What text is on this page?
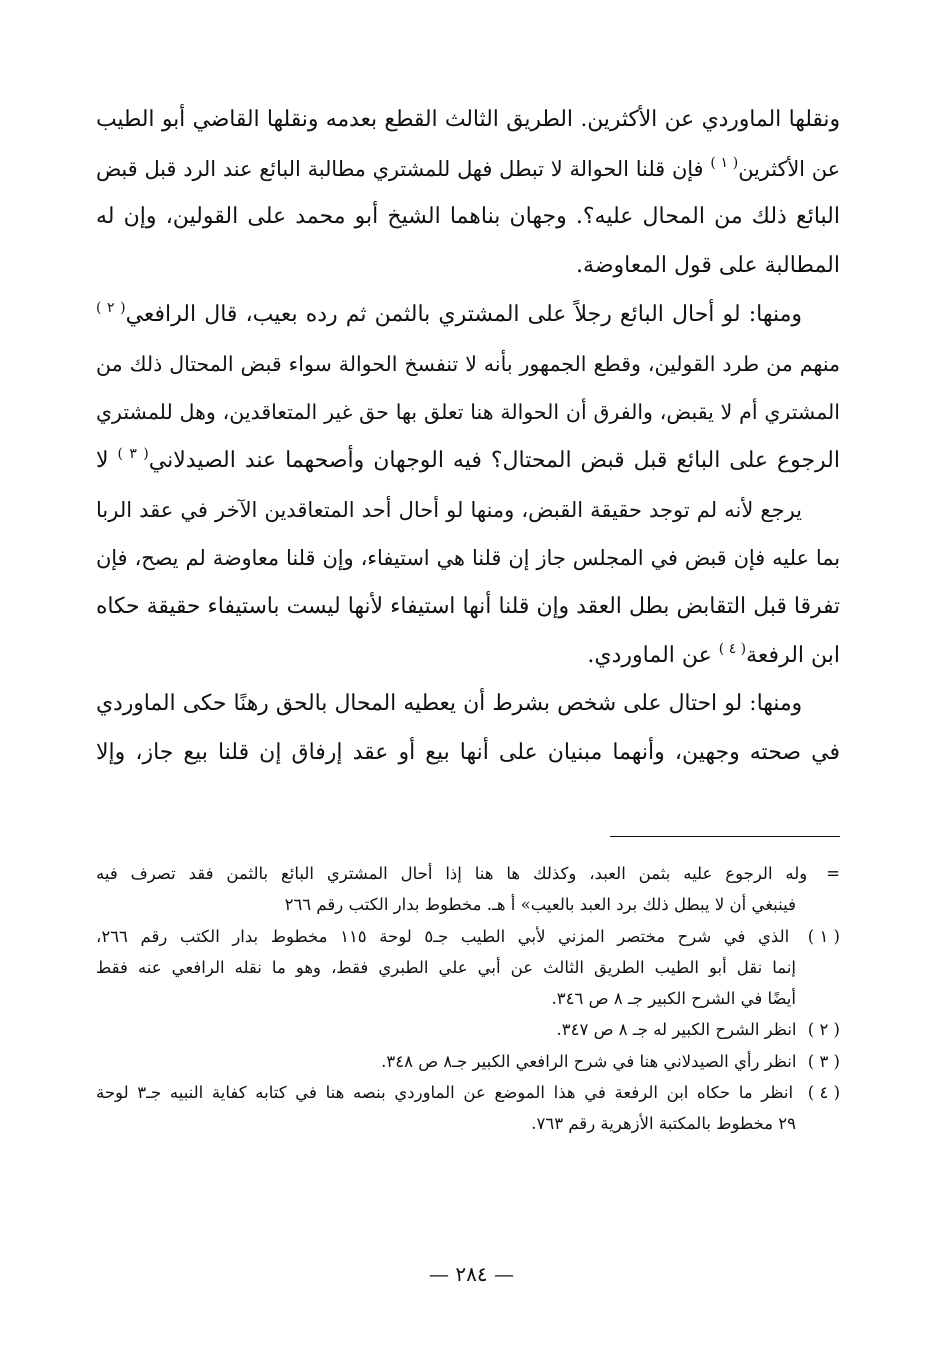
ونقلها الماوردي عن الأكثرين. الطريق الثالث القطع بعدمه ونقلها القاضي أبو الطيب
عن الأكثرين$^{( ١ )}$ فإن قلنا الحوالة لا تبطل فهل للمشتري مطالبة البائع عند الرد قبل قبض
البائع ذلك من المحال عليه؟. وجهان بناهما الشيخ أبو محمد على القولين، وإن له
المطالبة على قول المعاوضة.

ومنها: لو أحال البائع رجلاً على المشتري بالثمن ثم رده بعيب، قال الرافعي$^{( ٢ )}$
منهم من طرد القولين، وقطع الجمهور بأنه لا تنفسخ الحوالة سواء قبض المحتال ذلك من
المشتري أم لا يقبض، والفرق أن الحوالة هنا تعلق بها حق غير المتعاقدين، وهل للمشتري
الرجوع على البائع قبل قبض المحتال؟ فيه الوجهان وأصحهما عند الصيدلاني$^{( ٣ )}$ لا
يرجع لأنه لم توجد حقيقة القبض، ومنها لو أحال أحد المتعاقدين الآخر في عقد الربا
بما عليه فإن قبض في المجلس جاز إن قلنا هي استيفاء، وإن قلنا معاوضة لم يصح، فإن
تفرقا قبل التقابض بطل العقد وإن قلنا أنها استيفاء لأنها ليست باستيفاء حقيقة حكاه
ابن الرفعة$^{( ٤ )}$ عن الماوردي.

ومنها: لو احتال على شخص بشرط أن يعطيه المحال بالحق رهنًا حكى الماوردي
في صحته وجهين، وأنهما مبنيان على أنها بيع أو عقد إرفاق إن قلنا بيع جاز، وإلا

= وله الرجوع عليه بثمن العبد، وكذلك ها هنا إذا أحال المشتري البائع بالثمن فقد تصرف فيه
فينبغي أن لا يبطل ذلك برد العبد بالعيب» أ هـ. مخطوط بدار الكتب رقم ٢٦٦
( ١ ) الذي في شرح مختصر المزني لأبي الطيب جـ٥ لوحة ١١٥ مخطوط بدار الكتب رقم ٢٦٦،
إنما نقل أبو الطيب الطريق الثالث عن أبي علي الطبري فقط، وهو ما نقله الرافعي عنه فقط
أيضًا في الشرح الكبير جـ ٨ ص ٣٤٦.
( ٢ ) انظر الشرح الكبير له جـ ٨ ص ٣٤٧.
( ٣ ) انظر رأي الصيدلاني هنا في شرح الرافعي الكبير جـ٨ ص ٣٤٨.
( ٤ ) انظر ما حكاه ابن الرفعة في هذا الموضع عن الماوردي بنصه هنا في كتابه كفاية النبيه جـ٣ لوحة
٢٩ مخطوط بالمكتبة الأزهرية رقم ٧٦٣.
— ٢٨٤ —
